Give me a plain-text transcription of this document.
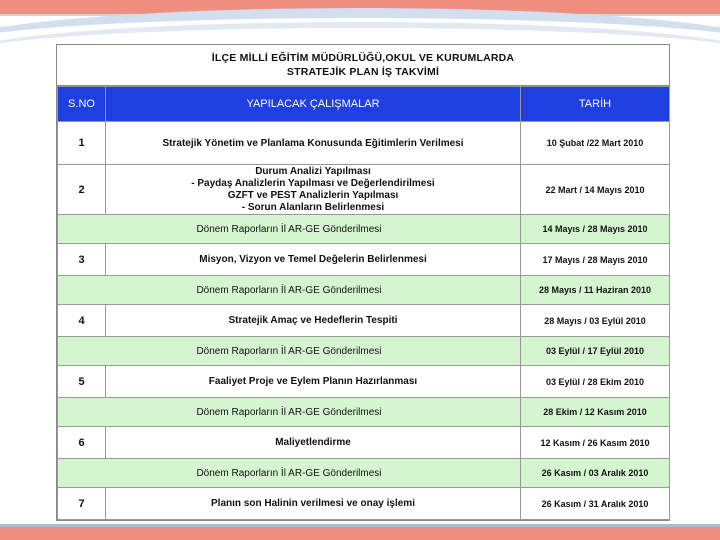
İLÇE MİLLİ EĞİTİM MÜDÜRLÜĞÜ,OKUL VE KURUMLARDA
STRATEJİK PLAN İŞ TAKVİMİ
S.NO	YAPILACAK ÇALIŞMALAR	TARİH
1	Stratejik Yönetim ve Planlama Konusunda Eğitimlerin Verilmesi	10 Şubat /22 Mart 2010
2	Durum Analizi Yapılması
- Paydaş Analizlerin Yapılması ve Değerlendirilmesi
GZFT ve PEST Analizlerin Yapılması
- Sorun Alanların Belirlenmesi	22 Mart / 14 Mayıs 2010
Dönem Raporların İl AR-GE Gönderilmesi		14 Mayıs / 28 Mayıs 2010
3	Misyon, Vizyon ve Temel Değelerin Belirlenmesi	17 Mayıs / 28 Mayıs 2010
Dönem Raporların İl AR-GE Gönderilmesi		28 Mayıs / 11 Haziran 2010
4	Stratejik Amaç ve Hedeflerin Tespiti	28 Mayıs / 03 Eylül 2010
Dönem Raporların İl AR-GE Gönderilmesi		03 Eylül / 17 Eylül 2010
5	Faaliyet Proje ve Eylem Planın Hazırlanması	03 Eylül / 28 Ekim 2010
Dönem Raporların İl AR-GE Gönderilmesi		28 Ekim / 12 Kasım 2010
6	Maliyetlendirme	12 Kasım / 26 Kasım 2010
Dönem Raporların İl AR-GE Gönderilmesi		26 Kasım / 03 Aralık 2010
7	Planın son Halinin verilmesi ve onay işlemi	26 Kasım / 31 Aralık 2010
